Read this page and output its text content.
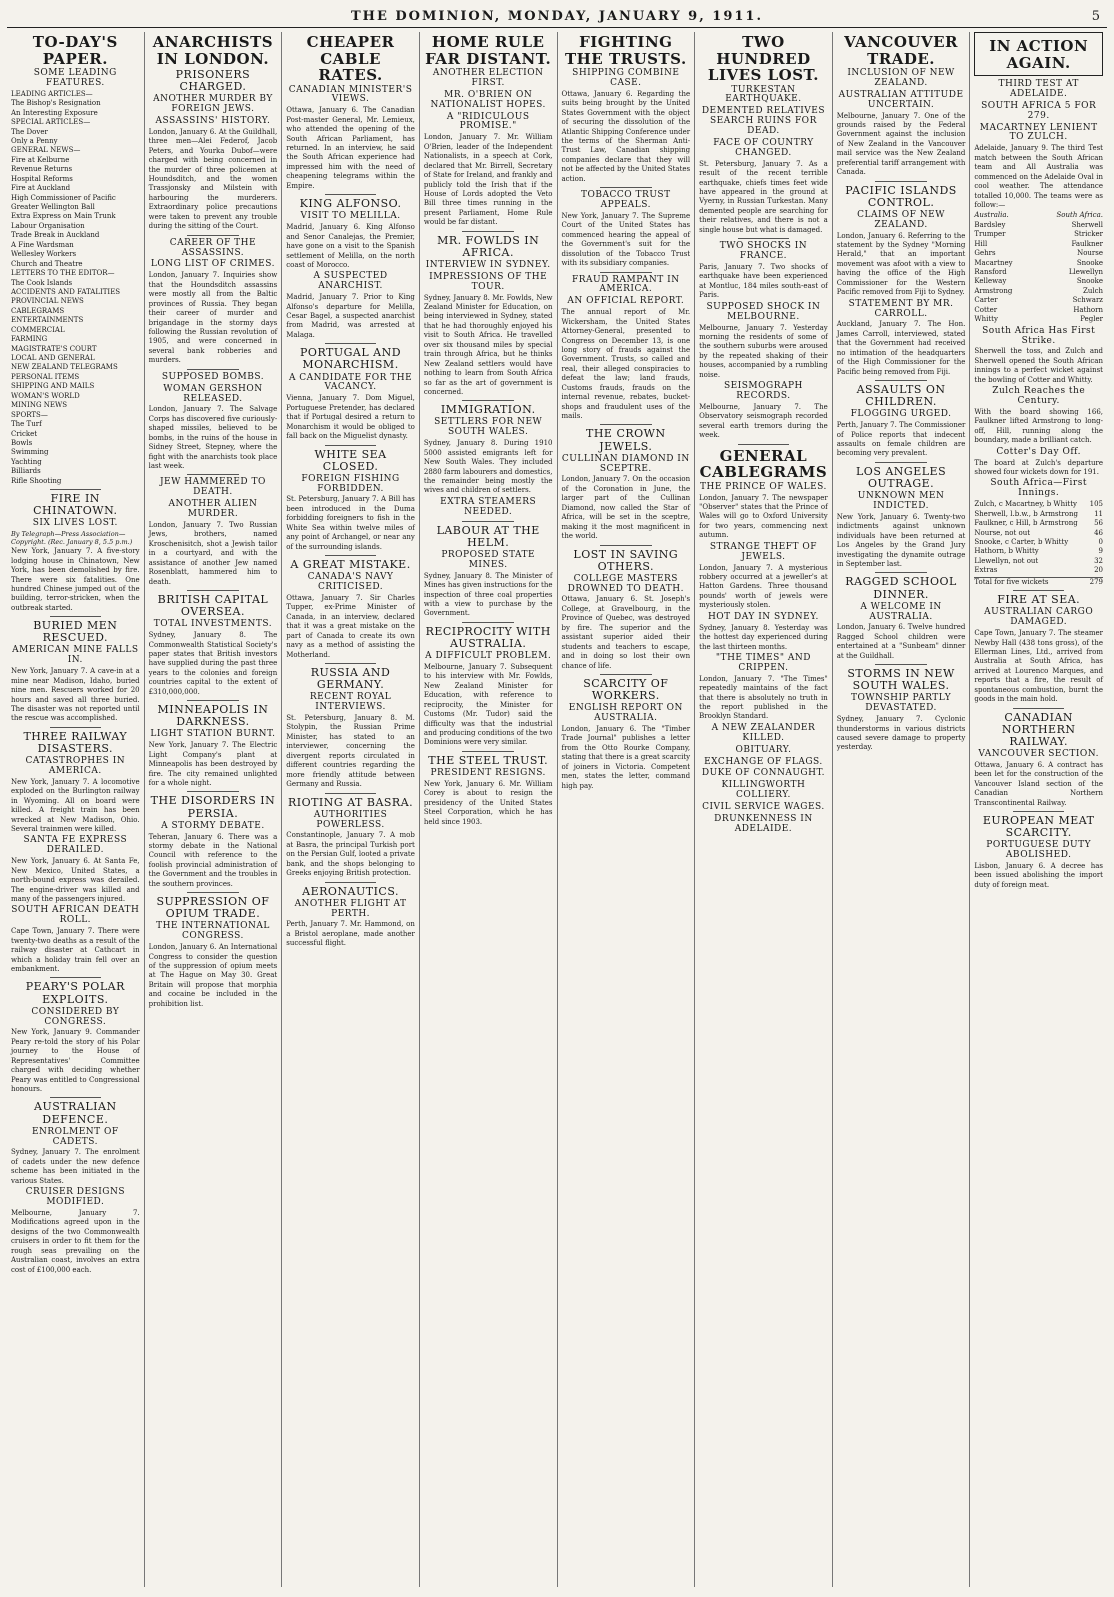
THE DOMINION, MONDAY, JANUARY 9, 1911.	5
TO-DAY'S PAPER.
SOME LEADING FEATURES.
LEADING ARTICLES—
The Bishop's Resignation
An Interesting Exposure
SPECIAL ARTICLES—
The Dover
Only a Penny
GENERAL NEWS—
Fire at Kelburne
Revenue Returns
Hospital Reforms
Fire at Auckland
High Commissioner of Pacific
Greater Wellington Ball
Extra Express on Main Trunk
Labour Organisation
Trade Break in Auckland
A Fine Wardsman
Wellesley Workers
Church and Theatre
LETTERS TO THE EDITOR—
The Cook Islands
ACCIDENTS AND FATALITIES
PROVINCIAL NEWS
CABLEGRAMS
ENTERTAINMENTS
COMMERCIAL
FARMING
MAGISTRATE'S COURT
LOCAL AND GENERAL
NEW ZEALAND TELEGRAMS
PERSONAL ITEMS
SHIPPING AND MAILS
WOMAN'S WORLD
MINING NEWS
SPORTS—
The Turf
Cricket
Bowls
Swimming
Yachting
Billiards
Rifle Shooting
FIRE IN CHINATOWN.
SIX LIVES LOST.
By Telegraph—Press Association—Copyright. (Rec. January 8, 5.5 p.m.)
New York, January 7. A five-story lodging house in Chinatown, New York, has been demolished by fire. There were six fatalities. One hundred Chinese jumped out of the building, terror-stricken, when the outbreak started.
BURIED MEN RESCUED.
AMERICAN MINE FALLS IN.
New York, January 7. A cave-in at a mine near Madison, Idaho, buried nine men. Rescuers worked for 20 hours and saved all three buried. The disaster was not reported until the rescue was accomplished.
THREE RAILWAY DISASTERS.
CATASTROPHES IN AMERICA.
New York, January 7. A locomotive exploded on the Burlington railway in Wyoming. All on board were killed. A freight train has been wrecked at New Madison, Ohio. Several trainmen were killed.
SANTA FE EXPRESS DERAILED.
New York, January 6. At Santa Fe, New Mexico, United States, a north-bound express was derailed. The engine-driver was killed and many of the passengers injured.
SOUTH AFRICAN DEATH ROLL.
Cape Town, January 7. There were twenty-two deaths as a result of the railway disaster at Cathcart in which a holiday train fell over an embankment.
PEARY'S POLAR EXPLOITS.
CONSIDERED BY CONGRESS.
New York, January 9. Commander Peary re-told the story of his Polar journey to the House of Representatives' Committee charged with deciding whether Peary was entitled to Congressional honours.
AUSTRALIAN DEFENCE.
ENROLMENT OF CADETS.
Sydney, January 7. The enrolment of cadets under the new defence scheme has been initiated in the various States.
CRUISER DESIGNS MODIFIED.
Melbourne, January 7. Modifications agreed upon in the designs of the two Commonwealth cruisers in order to fit them for the rough seas prevailing on the Australian coast, involves an extra cost of £100,000 each.
ANARCHISTS IN LONDON.
PRISONERS CHARGED.
ANOTHER MURDER BY FOREIGN JEWS.
ASSASSINS' HISTORY.
London, January 6. At the Guildhall, three men—Alei Federof, Jacob Peters, and Yourka Dubof—were charged with being concerned in the murder of three policemen at Houndsditch, and the women Trassjonsky and Milstein with harbouring the murderers. Extraordinary police precautions were taken to prevent any trouble during the sitting of the Court.
CAREER OF THE ASSASSINS.
LONG LIST OF CRIMES.
London, January 7. Inquiries show that the Houndsditch assassins were mostly all from the Baltic provinces of Russia. They began their career of murder and brigandage in the stormy days following the Russian revolution of 1905, and were concerned in several bank robberies and murders.
SUPPOSED BOMBS.
WOMAN GERSHON RELEASED.
London, January 7. The Salvage Corps has discovered five curiously-shaped missiles, believed to be bombs, in the ruins of the house in Sidney Street, Stepney, where the fight with the anarchists took place last week.
JEW HAMMERED TO DEATH.
ANOTHER ALIEN MURDER.
London, January 7. Two Russian Jews, brothers, named Kroschenisitch, shot a Jewish tailor in a courtyard, and with the assistance of another Jew named Rosenblatt, hammered him to death.
BRITISH CAPITAL OVERSEA.
TOTAL INVESTMENTS.
Sydney, January 8. The Commonwealth Statistical Society's paper states that British investors have supplied during the past three years to the colonies and foreign countries capital to the extent of £310,000,000.
MINNEAPOLIS IN DARKNESS.
LIGHT STATION BURNT.
New York, January 7. The Electric Light Company's plant at Minneapolis has been destroyed by fire. The city remained unlighted for a whole night.
THE DISORDERS IN PERSIA.
A STORMY DEBATE.
Teheran, January 6. There was a stormy debate in the National Council with reference to the foolish provincial administration of the Government and the troubles in the southern provinces.
SUPPRESSION OF OPIUM TRADE.
THE INTERNATIONAL CONGRESS.
London, January 6. An International Congress to consider the question of the suppression of opium meets at The Hague on May 30. Great Britain will propose that morphia and cocaine be included in the prohibition list.
CHEAPER CABLE RATES.
CANADIAN MINISTER'S VIEWS.
Ottawa, January 6. The Canadian Post-master General, Mr. Lemieux, who attended the opening of the South African Parliament, has returned. In an interview, he said the South African experience had impressed him with the need of cheapening telegrams within the Empire.
KING ALFONSO.
VISIT TO MELILLA.
Madrid, January 6. King Alfonso and Senor Canalejas, the Premier, have gone on a visit to the Spanish settlement of Melilla, on the north coast of Morocco.
A SUSPECTED ANARCHIST.
Madrid, January 7. Prior to King Alfonso's departure for Melilla, Cesar Bagel, a suspected anarchist from Madrid, was arrested at Malaga.
PORTUGAL AND MONARCHISM.
A CANDIDATE FOR THE VACANCY.
Vienna, January 7. Dom Miguel, Portuguese Pretender, has declared that if Portugal desired a return to Monarchism it would be obliged to fall back on the Miguelist dynasty.
WHITE SEA CLOSED.
FOREIGN FISHING FORBIDDEN.
St. Petersburg, January 7. A Bill has been introduced in the Duma forbidding foreigners to fish in the White Sea within twelve miles of any point of Archangel, or near any of the surrounding islands.
A GREAT MISTAKE.
CANADA'S NAVY CRITICISED.
Ottawa, January 7. Sir Charles Tupper, ex-Prime Minister of Canada, in an interview, declared that it was a great mistake on the part of Canada to create its own navy as a method of assisting the Motherland.
RUSSIA AND GERMANY.
RECENT ROYAL INTERVIEWS.
St. Petersburg, January 8. M. Stolypin, the Russian Prime Minister, has stated to an interviewer, concerning the divergent reports circulated in different countries regarding the more friendly attitude between Germany and Russia.
RIOTING AT BASRA.
AUTHORITIES POWERLESS.
Constantinople, January 7. A mob at Basra, the principal Turkish port on the Persian Gulf, looted a private bank, and the shops belonging to Greeks enjoying British protection.
AERONAUTICS.
ANOTHER FLIGHT AT PERTH.
Perth, January 7. Mr. Hammond, on a Bristol aeroplane, made another successful flight.
HOME RULE FAR DISTANT.
ANOTHER ELECTION FIRST.
MR. O'BRIEN ON NATIONALIST HOPES.
A "RIDICULOUS PROMISE."
London, January 7. Mr. William O'Brien, leader of the Independent Nationalists, in a speech at Cork, declared that Mr. Birrell, Secretary of State for Ireland, and frankly and publicly told the Irish that if the House of Lords adopted the Veto Bill three times running in the present Parliament, Home Rule would be far distant.
MR. FOWLDS IN AFRICA.
INTERVIEW IN SYDNEY.
IMPRESSIONS OF THE TOUR.
Sydney, January 8. Mr. Fowlds, New Zealand Minister for Education, on being interviewed in Sydney, stated that he had thoroughly enjoyed his visit to South Africa. He travelled over six thousand miles by special train through Africa, but he thinks New Zealand settlers would have nothing to learn from South Africa so far as the art of government is concerned.
IMMIGRATION.
SETTLERS FOR NEW SOUTH WALES.
Sydney, January 8. During 1910 5000 assisted emigrants left for New South Wales. They included 2880 farm labourers and domestics, the remainder being mostly the wives and children of settlers.
EXTRA STEAMERS NEEDED.
LABOUR AT THE HELM.
PROPOSED STATE MINES.
Sydney, January 8. The Minister of Mines has given instructions for the inspection of three coal properties with a view to purchase by the Government.
RECIPROCITY WITH AUSTRALIA.
A DIFFICULT PROBLEM.
Melbourne, January 7. Subsequent to his interview with Mr. Fowlds, New Zealand Minister for Education, with reference to reciprocity, the Minister for Customs (Mr. Tudor) said the difficulty was that the industrial and producing conditions of the two Dominions were very similar.
THE STEEL TRUST.
PRESIDENT RESIGNS.
New York, January 6. Mr. William Corey is about to resign the presidency of the United States Steel Corporation, which he has held since 1903.
FIGHTING THE TRUSTS.
SHIPPING COMBINE CASE.
Ottawa, January 6. Regarding the suits being brought by the United States Government with the object of securing the dissolution of the Atlantic Shipping Conference under the terms of the Sherman Anti-Trust Law, Canadian shipping companies declare that they will not be affected by the United States action.
TOBACCO TRUST APPEALS.
New York, January 7. The Supreme Court of the United States has commenced hearing the appeal of the Government's suit for the dissolution of the Tobacco Trust with its subsidiary companies.
FRAUD RAMPANT IN AMERICA.
AN OFFICIAL REPORT.
The annual report of Mr. Wickersham, the United States Attorney-General, presented to Congress on December 13, is one long story of frauds against the Government. Trusts, so called and real, their alleged conspiracies to defeat the law; land frauds, Customs frauds, frauds on the internal revenue, rebates, bucket-shops and fraudulent uses of the mails.
THE CROWN JEWELS.
CULLINAN DIAMOND IN SCEPTRE.
London, January 7. On the occasion of the Coronation in June, the larger part of the Cullinan Diamond, now called the Star of Africa, will be set in the sceptre, making it the most magnificent in the world.
LOST IN SAVING OTHERS.
COLLEGE MASTERS DROWNED TO DEATH.
Ottawa, January 6. St. Joseph's College, at Gravelbourg, in the Province of Quebec, was destroyed by fire. The superior and the assistant superior aided their students and teachers to escape, and in doing so lost their own chance of life.
SCARCITY OF WORKERS.
ENGLISH REPORT ON AUSTRALIA.
London, January 6. The "Timber Trade Journal" publishes a letter from the Otto Rourke Company, stating that there is a great scarcity of joiners in Victoria. Competent men, states the letter, command high pay.
TWO HUNDRED LIVES LOST.
TURKESTAN EARTHQUAKE.
DEMENTED RELATIVES SEARCH RUINS FOR DEAD.
FACE OF COUNTRY CHANGED.
St. Petersburg, January 7. As a result of the recent terrible earthquake, chiefs times feet wide have appeared in the ground at Vyerny, in Russian Turkestan. Many demented people are searching for their relatives, and there is not a single house but what is damaged.
TWO SHOCKS IN FRANCE.
Paris, January 7. Two shocks of earthquake have been experienced at Montluc, 184 miles south-east of Paris.
SUPPOSED SHOCK IN MELBOURNE.
Melbourne, January 7. Yesterday morning the residents of some of the southern suburbs were aroused by the repeated shaking of their houses, accompanied by a rumbling noise.
SEISMOGRAPH RECORDS.
Melbourne, January 7. The Observatory seismograph recorded several earth tremors during the week.
GENERAL CABLEGRAMS
THE PRINCE OF WALES.
London, January 7. The newspaper "Observer" states that the Prince of Wales will go to Oxford University for two years, commencing next autumn.
STRANGE THEFT OF JEWELS.
London, January 7. A mysterious robbery occurred at a jeweller's at Hatton Gardens. Three thousand pounds' worth of jewels were mysteriously stolen.
HOT DAY IN SYDNEY.
Sydney, January 8. Yesterday was the hottest day experienced during the last thirteen months.
"THE TIMES" AND CRIPPEN.
London, January 7. "The Times" repeatedly maintains of the fact that there is absolutely no truth in the report published in the Brooklyn Standard.
A NEW ZEALANDER KILLED.
OBITUARY.
EXCHANGE OF FLAGS.
DUKE OF CONNAUGHT.
KILLINGWORTH COLLIERY.
CIVIL SERVICE WAGES.
DRUNKENNESS IN ADELAIDE.
VANCOUVER TRADE.
INCLUSION OF NEW ZEALAND.
AUSTRALIAN ATTITUDE UNCERTAIN.
Melbourne, January 7. One of the grounds raised by the Federal Government against the inclusion of New Zealand in the Vancouver mail service was the New Zealand preferential tariff arrangement with Canada.
PACIFIC ISLANDS CONTROL.
CLAIMS OF NEW ZEALAND.
London, January 6. Referring to the statement by the Sydney "Morning Herald," that an important movement was afoot with a view to having the office of the High Commissioner for the Western Pacific removed from Fiji to Sydney.
STATEMENT BY MR. CARROLL.
Auckland, January 7. The Hon. James Carroll, interviewed, stated that the Government had received no intimation of the headquarters of the High Commissioner for the Pacific being removed from Fiji.
ASSAULTS ON CHILDREN.
FLOGGING URGED.
Perth, January 7. The Commissioner of Police reports that indecent assaults on female children are becoming very prevalent.
LOS ANGELES OUTRAGE.
UNKNOWN MEN INDICTED.
New York, January 6. Twenty-two indictments against unknown individuals have been returned at Los Angeles by the Grand Jury investigating the dynamite outrage in September last.
RAGGED SCHOOL DINNER.
A WELCOME IN AUSTRALIA.
London, January 6. Twelve hundred Ragged School children were entertained at a "Sunbeam" dinner at the Guildhall.
STORMS IN NEW SOUTH WALES.
TOWNSHIP PARTLY DEVASTATED.
Sydney, January 7. Cyclonic thunderstorms in various districts caused severe damage to property yesterday.
IN ACTION AGAIN.
THIRD TEST AT ADELAIDE.
SOUTH AFRICA 5 FOR 279.
MACARTNEY LENIENT TO ZULCH.
Adelaide, January 9. The third Test match between the South African team and All Australia was commenced on the Adelaide Oval in cool weather. The attendance totalled 10,000. The teams were as follow:—
Australia.	South Africa.
Bardsley	Sherwell
Trumper	Stricker
Hill	Faulkner
Gehrs	Nourse
Macartney	Snooke
Ransford	Llewellyn
Kelleway	Snooke
Armstrong	Zulch
Carter	Schwarz
Cotter	Hathorn
Whitty	Pegler
South Africa Has First Strike.
Sherwell the toss, and Zulch and Sherwell opened the South African innings to a perfect wicket against the bowling of Cotter and Whitty.
Zulch Reaches the Century.
With the board showing 166, Faulkner lifted Armstrong to long-off, Hill, running along the boundary, made a brilliant catch.
Cotter's Day Off.
The board at Zulch's departure showed four wickets down for 191.
South Africa—First Innings.
Zulch, c Macartney, b Whitty 105
Sherwell, l.b.w., b Armstrong 11
Faulkner, c Hill, b Armstrong 56
Nourse, not out	46
Snooke, c Carter, b Whitty	0
Hathorn, b Whitty	9
Llewellyn, not out	32
Extras	20
Total for five wickets	279
FIRE AT SEA.
AUSTRALIAN CARGO DAMAGED.
Cape Town, January 7. The steamer Newby Hall (438 tons gross), of the Ellerman Lines, Ltd., arrived from Australia at South Africa, has arrived at Lourenco Marques, and reports that a fire, the result of spontaneous combustion, burnt the goods in the main hold.
CANADIAN NORTHERN RAILWAY.
VANCOUVER SECTION.
Ottawa, January 6. A contract has been let for the construction of the Vancouver Island section of the Canadian Northern Transcontinental Railway.
EUROPEAN MEAT SCARCITY.
PORTUGUESE DUTY ABOLISHED.
Lisbon, January 6. A decree has been issued abolishing the import duty of foreign meat.
